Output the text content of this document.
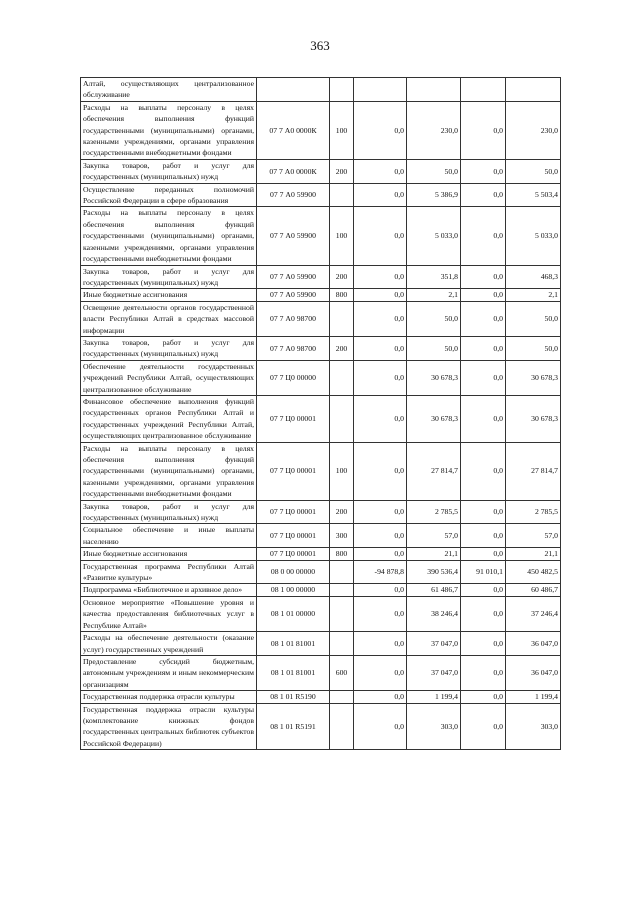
363
Алтай, осуществляющих централизованное обслуживание						
Расходы на выплаты персоналу в целях обеспечения выполнения функций государственными (муниципальными) органами, казенными учреждениями, органами управления государственными внебюджетными фондами	07 7 А0 0000К	100	0,0	230,0	0,0	230,0
Закупка товаров, работ и услуг для государственных (муниципальных) нужд	07 7 А0 0000К	200	0,0	50,0	0,0	50,0
Осуществление переданных полномочий Российской Федерации в сфере образования	07 7 А0 59900		0,0	5 386,9	0,0	5 503,4
Расходы на выплаты персоналу в целях обеспечения выполнения функций государственными (муниципальными) органами, казенными учреждениями, органами управления государственными внебюджетными фондами	07 7 А0 59900	100	0,0	5 033,0	0,0	5 033,0
Закупка товаров, работ и услуг для государственных (муниципальных) нужд	07 7 А0 59900	200	0,0	351,8	0,0	468,3
Иные бюджетные ассигнования	07 7 А0 59900	800	0,0	2,1	0,0	2,1
Освещение деятельности органов государственной власти Республики Алтай в средствах массовой информации	07 7 А0 98700		0,0	50,0	0,0	50,0
Закупка товаров, работ и услуг для государственных (муниципальных) нужд	07 7 А0 98700	200	0,0	50,0	0,0	50,0
Обеспечение деятельности государственных учреждений Республики Алтай, осуществляющих централизованное обслуживание	07 7 Ц0 00000		0,0	30 678,3	0,0	30 678,3
Финансовое обеспечение выполнения функций государственных органов Республики Алтай и государственных учреждений Республики Алтай, осуществляющих централизованное обслуживание	07 7 Ц0 00001		0,0	30 678,3	0,0	30 678,3
Расходы на выплаты персоналу в целях обеспечения выполнения функций государственными (муниципальными) органами, казенными учреждениями, органами управления государственными внебюджетными фондами	07 7 Ц0 00001	100	0,0	27 814,7	0,0	27 814,7
Закупка товаров, работ и услуг для государственных (муниципальных) нужд	07 7 Ц0 00001	200	0,0	2 785,5	0,0	2 785,5
Социальное обеспечение и иные выплаты населению	07 7 Ц0 00001	300	0,0	57,0	0,0	57,0
Иные бюджетные ассигнования	07 7 Ц0 00001	800	0,0	21,1	0,0	21,1
Государственная программа Республики Алтай «Развитие культуры»	08 0 00 00000		-94 878,8	390 536,4	91 010,1	450 482,5
Подпрограмма «Библиотечное и архивное дело»	08 1 00 00000		0,0	61 486,7	0,0	60 486,7
Основное мероприятие «Повышение уровня и качества предоставления библиотечных услуг в Республике Алтай»	08 1 01 00000		0,0	38 246,4	0,0	37 246,4
Расходы на обеспечение деятельности (оказание услуг) государственных учреждений	08 1 01 81001		0,0	37 047,0	0,0	36 047,0
Предоставление субсидий бюджетным, автономным учреждениям и иным некоммерческим организациям	08 1 01 81001	600	0,0	37 047,0	0,0	36 047,0
Государственная поддержка отрасли культуры	08 1 01 R5190		0,0	1 199,4	0,0	1 199,4
Государственная поддержка отрасли культуры (комплектование книжных фондов государственных центральных библиотек субъектов Российской Федерации)	08 1 01 R5191		0,0	303,0	0,0	303,0
